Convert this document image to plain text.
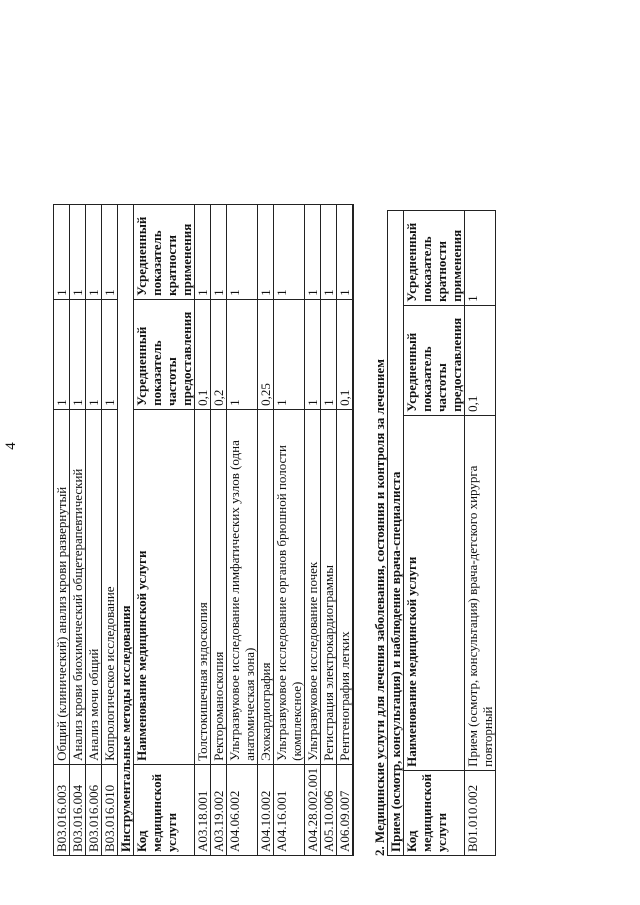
4
B03.016.003	Общий (клинический) анализ крови развернутый	1	1
B03.016.004	Анализ крови биохимический общетерапевтический	1	1
B03.016.006	Анализ мочи общий	1	1
B03.016.010	Копрологическое исследование	1	1
Инструментальные методы исследования			
Код медицинской услуги	Наименование медицинской услуги	Усредненный показатель частоты предоставления	Усредненный показатель кратности применения
A03.18.001	Толстокишечная эндоскопия	0,1	1
A03.19.002	Ректороманоскопия	0,2	1
A04.06.002	Ультразвуковое исследование лимфатических узлов (одна анатомическая зона)	1	1
A04.10.002	Эхокардиография	0,25	1
A04.16.001	Ультразвуковое исследование органов брюшной полости (комплексное)	1	1
A04.28.002.001	Ультразвуковое исследование почек	1	1
A05.10.006	Регистрация электрокардиограммы	1	1
A06.09.007	Рентгенография легких	0,1	1

2. Медицинские услуги для лечения заболевания, состояния и контроля за лечением Прием (осмотр, консультация) и наблюдение врача-специалиста			
Код медицинской услуги	Наименование медицинской услуги	Усредненный показатель частоты предоставления	Усредненный показатель кратности применения
B01.010.002	Прием (осмотр, консультация) врача-детского хирурга повторный	0,1	1
